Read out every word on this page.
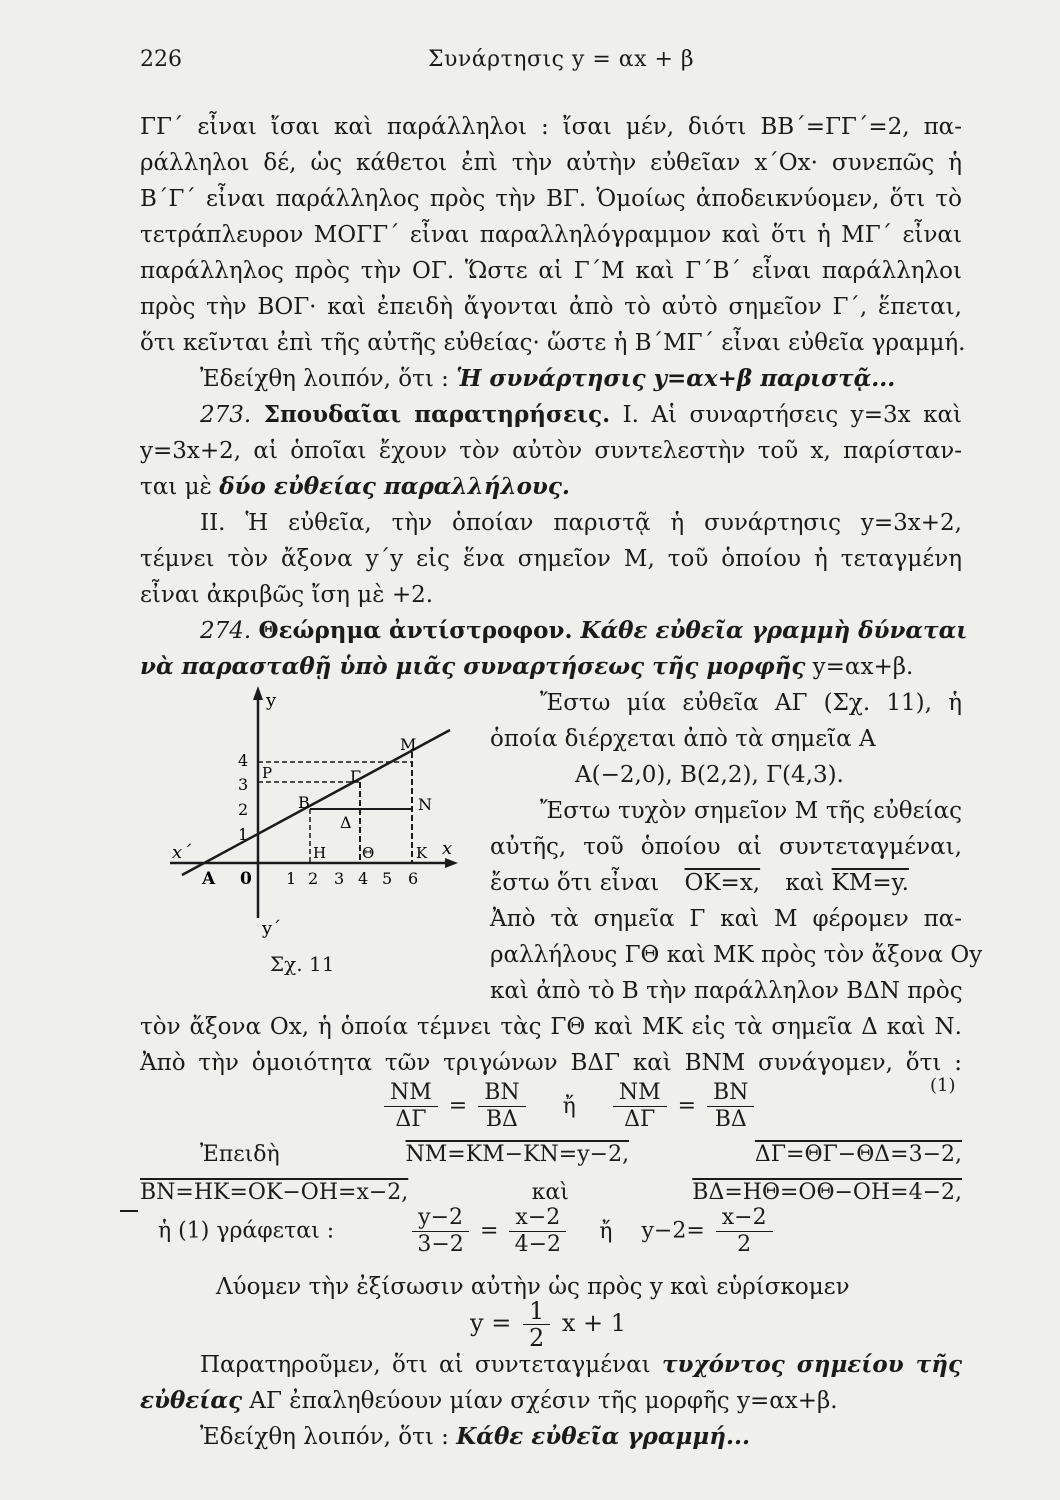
226	Συνάρτησις y = αx + β
ΓΓ΄ εἶναι ἴσαι καὶ παράλληλοι : ἴσαι μέν, διότι ΒΒ΄=ΓΓ΄=2, πα-
ράλληλοι δέ, ὡς κάθετοι ἐπὶ τὴν αὐτὴν εὐθεῖαν x΄Οx· συνεπῶς ἡ
Β΄Γ΄ εἶναι παράλληλος πρὸς τὴν ΒΓ. Ὁμοίως ἀποδεικνύομεν, ὅτι τὸ
τετράπλευρον ΜΟΓΓ΄ εἶναι παραλληλόγραμμον καὶ ὅτι ἡ ΜΓ΄ εἶναι
παράλληλος πρὸς τὴν ΟΓ. Ὥστε αἱ Γ΄Μ καὶ Γ΄Β΄ εἶναι παράλληλοι
πρὸς τὴν ΒΟΓ· καὶ ἐπειδὴ ἄγονται ἀπὸ τὸ αὐτὸ σημεῖον Γ΄, ἕπεται,
ὅτι κεῖνται ἐπὶ τῆς αὐτῆς εὐθείας· ὥστε ἡ Β΄ΜΓ΄ εἶναι εὐθεῖα γραμμή.
Ἐδείχθη λοιπόν, ὅτι : Ἡ συνάρτησις y=αx+β παριστᾷ...
273. Σπουδαῖαι παρατηρήσεις. Ι. Αἱ συναρτήσεις y=3x καὶ
y=3x+2, αἱ ὁποῖαι ἔχουν τὸν αὐτὸν συντελεστὴν τοῦ x, παρίσταν-
ται μὲ δύο εὐθείας παραλλήλους.
ΙΙ. Ἡ εὐθεῖα, τὴν ὁποίαν παριστᾷ ἡ συνάρτησις y=3x+2,
τέμνει τὸν ἄξονα y΄y εἰς ἕνα σημεῖον Μ, τοῦ ὁποίου ἡ τεταγμένη
εἶναι ἀκριβῶς ἴση μὲ +2.
274. Θεώρημα ἀντίστροφον. Κάθε εὐθεῖα γραμμὴ δύναται
νὰ παρασταθῇ ὑπὸ μιᾶς συναρτήσεως τῆς μορφῆς y=αx+β.
Ἔστω μία εὐθεῖα ΑΓ (Σχ. 11), ἡ
ὁποία διέρχεται ἀπὸ τὰ σημεῖα Α
Α(−2,0), Β(2,2), Γ(4,3).
Ἔστω τυχὸν σημεῖον Μ τῆς εὐθείας
αὐτῆς, τοῦ ὁποίου αἱ συντεταγμέναι,
ἔστω ὅτι εἶναι ΟΚ=x, καὶ ΚΜ=y.
Ἀπὸ τὰ σημεῖα Γ καὶ Μ φέρομεν πα-
ραλλήλους ΓΘ καὶ ΜΚ πρὸς τὸν ἄξονα Οy
καὶ ἀπὸ τὸ Β τὴν παράλληλον ΒΔΝ πρὸς
1 2 3 4 5 6
1
2
3
4
y
y΄
x
x΄
Α 0
Β
Γ
Μ
Ν
Δ
Η Θ	Κ
Ρ
Σχ. 11
τὸν ἄξονα Οx, ἡ ὁποία τέμνει τὰς ΓΘ καὶ ΜΚ εἰς τὰ σημεῖα Δ καὶ Ν.
Ἀπὸ τὴν ὁμοιότητα τῶν τριγώνων ΒΔΓ καὶ ΒΝΜ συνάγομεν, ὅτι :
$\frac{NM}{\Delta\Gamma} = \frac{BN}{B\Delta}$ ἤ $\frac{NM}{\Delta\Gamma} = \frac{BN}{B\Delta}$	(1)
Ἐπειδὴ	ΝΜ=ΚΜ−ΚΝ=y−2,	ΔΓ=ΘΓ−ΘΔ=3−2,
ΒΝ=ΗΚ=ΟΚ−ΟΗ=x−2,	καὶ	ΒΔ=ΗΘ=ΟΘ−ΟΗ=4−2,
ἡ (1) γράφεται :	$\frac{y-2}{3-2} = \frac{x-2}{4-2}$ ἤ $y-2= \frac{x-2}{2}$
Λύομεν τὴν ἐξίσωσιν αὐτὴν ὡς πρὸς y καὶ εὑρίσκομεν
$y = \frac{1}{2}$ x + 1
Παρατηροῦμεν, ὅτι αἱ συντεταγμέναι τυχόντος σημείου τῆς
εὐθείας ΑΓ ἐπαληθεύουν μίαν σχέσιν τῆς μορφῆς y=αx+β.
Ἐδείχθη λοιπόν, ὅτι : Κάθε εὐθεῖα γραμμή...
